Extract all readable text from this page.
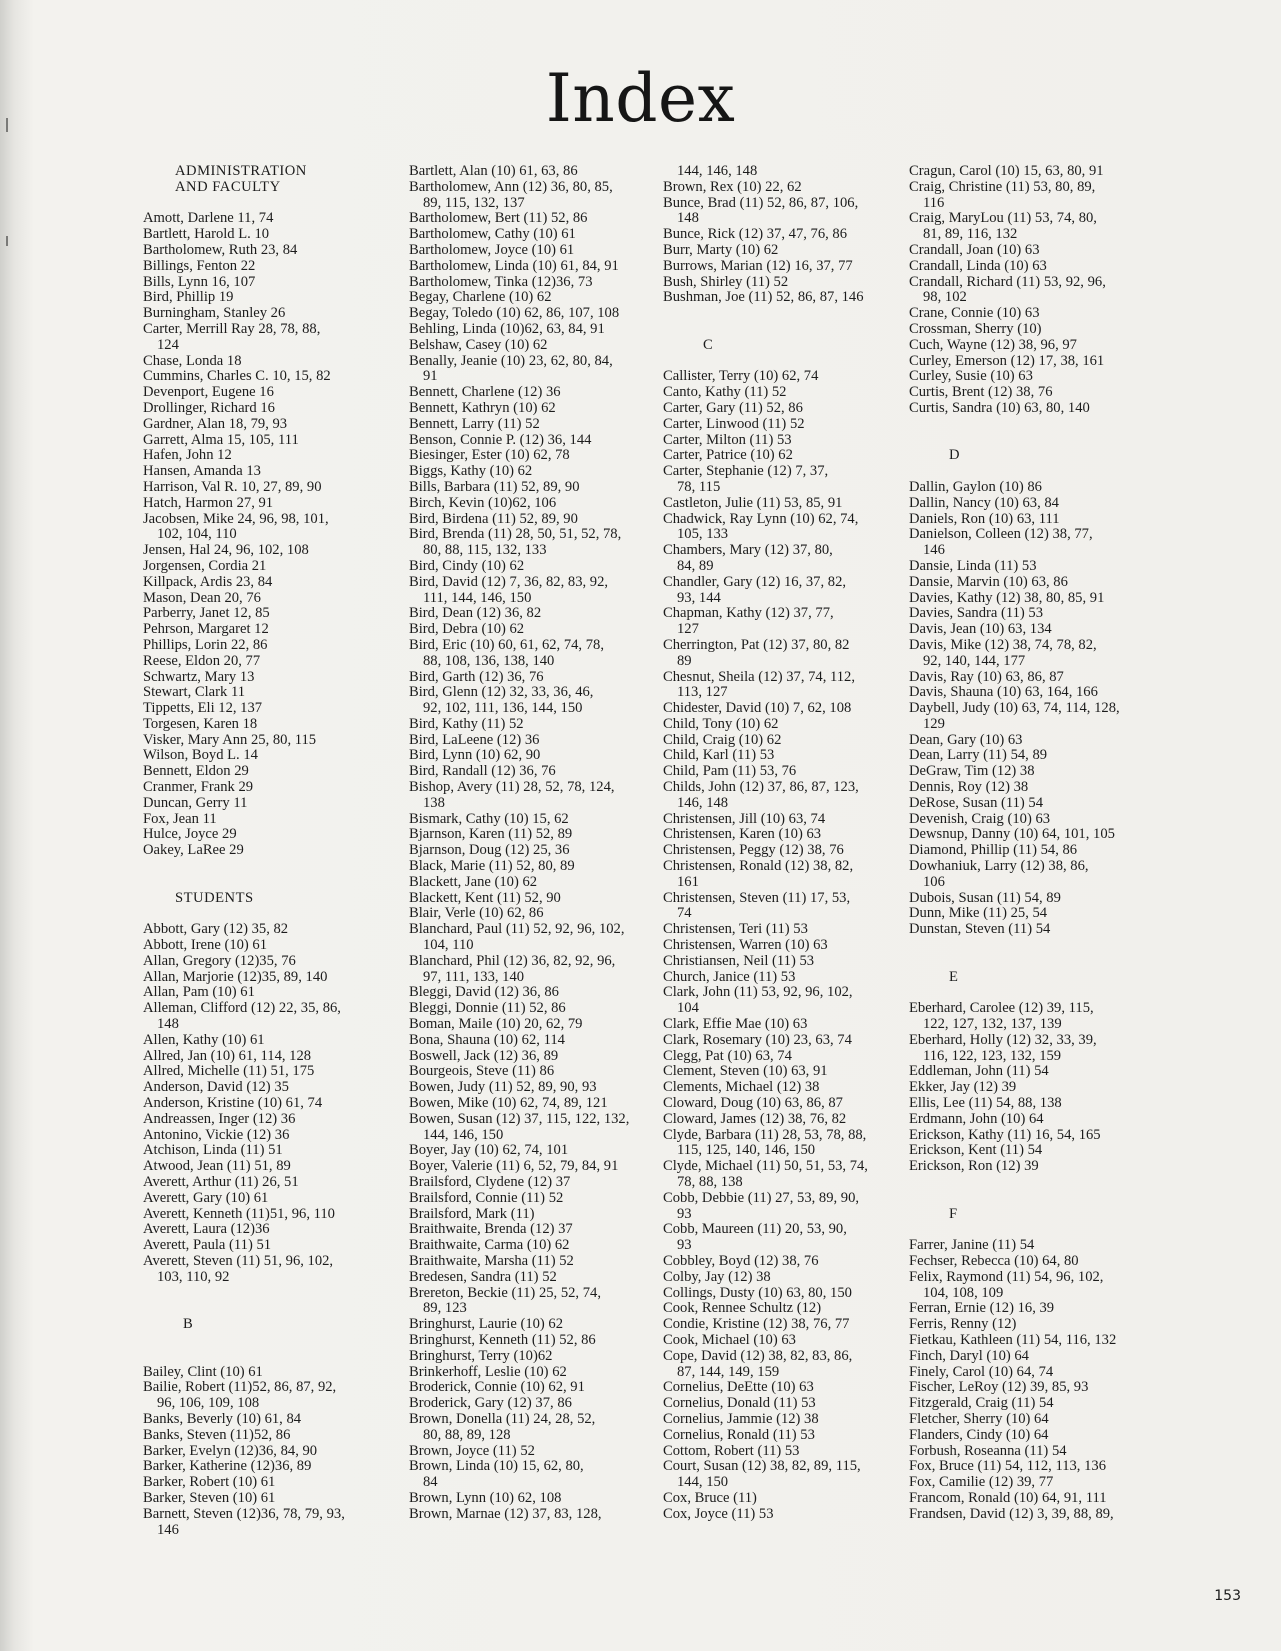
Index
ADMINISTRATION
AND FACULTY
Amott, Darlene 11, 74
Bartlett, Harold L. 10
Bartholomew, Ruth 23, 84
Billings, Fenton 22
Bills, Lynn 16, 107
Bird, Phillip 19
Burningham, Stanley 26
Carter, Merrill Ray 28, 78, 88,
124
Chase, Londa 18
Cummins, Charles C. 10, 15, 82
Devenport, Eugene 16
Drollinger, Richard 16
Gardner, Alan 18, 79, 93
Garrett, Alma 15, 105, 111
Hafen, John 12
Hansen, Amanda 13
Harrison, Val R. 10, 27, 89, 90
Hatch, Harmon 27, 91
Jacobsen, Mike 24, 96, 98, 101,
102, 104, 110
Jensen, Hal 24, 96, 102, 108
Jorgensen, Cordia 21
Killpack, Ardis 23, 84
Mason, Dean 20, 76
Parberry, Janet 12, 85
Pehrson, Margaret 12
Phillips, Lorin 22, 86
Reese, Eldon 20, 77
Schwartz, Mary 13
Stewart, Clark 11
Tippetts, Eli 12, 137
Torgesen, Karen 18
Visker, Mary Ann 25, 80, 115
Wilson, Boyd L. 14
Bennett, Eldon 29
Cranmer, Frank 29
Duncan, Gerry 11
Fox, Jean 11
Hulce, Joyce 29
Oakey, LaRee 29
STUDENTS
Abbott, Gary (12) 35, 82
Abbott, Irene (10) 61
Allan, Gregory (12)35, 76
Allan, Marjorie (12)35, 89, 140
Allan, Pam (10) 61
Alleman, Clifford (12) 22, 35, 86,
148
Allen, Kathy (10) 61
Allred, Jan (10) 61, 114, 128
Allred, Michelle (11) 51, 175
Anderson, David (12) 35
Anderson, Kristine (10) 61, 74
Andreassen, Inger (12) 36
Antonino, Vickie (12) 36
Atchison, Linda (11) 51
Atwood, Jean (11) 51, 89
Averett, Arthur (11) 26, 51
Averett, Gary (10) 61
Averett, Kenneth (11)51, 96, 110
Averett, Laura (12)36
Averett, Paula (11) 51
Averett, Steven (11) 51, 96, 102,
103, 110, 92
B
Bailey, Clint (10) 61
Bailie, Robert (11)52, 86, 87, 92,
96, 106, 109, 108
Banks, Beverly (10) 61, 84
Banks, Steven (11)52, 86
Barker, Evelyn (12)36, 84, 90
Barker, Katherine (12)36, 89
Barker, Robert (10) 61
Barker, Steven (10) 61
Barnett, Steven (12)36, 78, 79, 93,
146
Bartlett, Alan (10) 61, 63, 86
Bartholomew, Ann (12) 36, 80, 85,
89, 115, 132, 137
Bartholomew, Bert (11) 52, 86
Bartholomew, Cathy (10) 61
Bartholomew, Joyce (10) 61
Bartholomew, Linda (10) 61, 84, 91
Bartholomew, Tinka (12)36, 73
Begay, Charlene (10) 62
Begay, Toledo (10) 62, 86, 107, 108
Behling, Linda (10)62, 63, 84, 91
Belshaw, Casey (10) 62
Benally, Jeanie (10) 23, 62, 80, 84,
91
Bennett, Charlene (12) 36
Bennett, Kathryn (10) 62
Bennett, Larry (11) 52
Benson, Connie P. (12) 36, 144
Biesinger, Ester (10) 62, 78
Biggs, Kathy (10) 62
Bills, Barbara (11) 52, 89, 90
Birch, Kevin (10)62, 106
Bird, Birdena (11) 52, 89, 90
Bird, Brenda (11) 28, 50, 51, 52, 78,
80, 88, 115, 132, 133
Bird, Cindy (10) 62
Bird, David (12) 7, 36, 82, 83, 92,
111, 144, 146, 150
Bird, Dean (12) 36, 82
Bird, Debra (10) 62
Bird, Eric (10) 60, 61, 62, 74, 78,
88, 108, 136, 138, 140
Bird, Garth (12) 36, 76
Bird, Glenn (12) 32, 33, 36, 46,
92, 102, 111, 136, 144, 150
Bird, Kathy (11) 52
Bird, LaLeene (12) 36
Bird, Lynn (10) 62, 90
Bird, Randall (12) 36, 76
Bishop, Avery (11) 28, 52, 78, 124,
138
Bismark, Cathy (10) 15, 62
Bjarnson, Karen (11) 52, 89
Bjarnson, Doug (12) 25, 36
Black, Marie (11) 52, 80, 89
Blackett, Jane (10) 62
Blackett, Kent (11) 52, 90
Blair, Verle (10) 62, 86
Blanchard, Paul (11) 52, 92, 96, 102,
104, 110
Blanchard, Phil (12) 36, 82, 92, 96,
97, 111, 133, 140
Bleggi, David (12) 36, 86
Bleggi, Donnie (11) 52, 86
Boman, Maile (10) 20, 62, 79
Bona, Shauna (10) 62, 114
Boswell, Jack (12) 36, 89
Bourgeois, Steve (11) 86
Bowen, Judy (11) 52, 89, 90, 93
Bowen, Mike (10) 62, 74, 89, 121
Bowen, Susan (12) 37, 115, 122, 132,
144, 146, 150
Boyer, Jay (10) 62, 74, 101
Boyer, Valerie (11) 6, 52, 79, 84, 91
Brailsford, Clydene (12) 37
Brailsford, Connie (11) 52
Brailsford, Mark (11)
Braithwaite, Brenda (12) 37
Braithwaite, Carma (10) 62
Braithwaite, Marsha (11) 52
Bredesen, Sandra (11) 52
Brereton, Beckie (11) 25, 52, 74,
89, 123
Bringhurst, Laurie (10) 62
Bringhurst, Kenneth (11) 52, 86
Bringhurst, Terry (10)62
Brinkerhoff, Leslie (10) 62
Broderick, Connie (10) 62, 91
Broderick, Gary (12) 37, 86
Brown, Donella (11) 24, 28, 52,
80, 88, 89, 128
Brown, Joyce (11) 52
Brown, Linda (10) 15, 62, 80,
84
Brown, Lynn (10) 62, 108
Brown, Marnae (12) 37, 83, 128,
144, 146, 148
Brown, Rex (10) 22, 62
Bunce, Brad (11) 52, 86, 87, 106,
148
Bunce, Rick (12) 37, 47, 76, 86
Burr, Marty (10) 62
Burrows, Marian (12) 16, 37, 77
Bush, Shirley (11) 52
Bushman, Joe (11) 52, 86, 87, 146
C
Callister, Terry (10) 62, 74
Canto, Kathy (11) 52
Carter, Gary (11) 52, 86
Carter, Linwood (11) 52
Carter, Milton (11) 53
Carter, Patrice (10) 62
Carter, Stephanie (12) 7, 37,
78, 115
Castleton, Julie (11) 53, 85, 91
Chadwick, Ray Lynn (10) 62, 74,
105, 133
Chambers, Mary (12) 37, 80,
84, 89
Chandler, Gary (12) 16, 37, 82,
93, 144
Chapman, Kathy (12) 37, 77,
127
Cherrington, Pat (12) 37, 80, 82
89
Chesnut, Sheila (12) 37, 74, 112,
113, 127
Chidester, David (10) 7, 62, 108
Child, Tony (10) 62
Child, Craig (10) 62
Child, Karl (11) 53
Child, Pam (11) 53, 76
Childs, John (12) 37, 86, 87, 123,
146, 148
Christensen, Jill (10) 63, 74
Christensen, Karen (10) 63
Christensen, Peggy (12) 38, 76
Christensen, Ronald (12) 38, 82,
161
Christensen, Steven (11) 17, 53,
74
Christensen, Teri (11) 53
Christensen, Warren (10) 63
Christiansen, Neil (11) 53
Church, Janice (11) 53
Clark, John (11) 53, 92, 96, 102,
104
Clark, Effie Mae (10) 63
Clark, Rosemary (10) 23, 63, 74
Clegg, Pat (10) 63, 74
Clement, Steven (10) 63, 91
Clements, Michael (12) 38
Cloward, Doug (10) 63, 86, 87
Cloward, James (12) 38, 76, 82
Clyde, Barbara (11) 28, 53, 78, 88,
115, 125, 140, 146, 150
Clyde, Michael (11) 50, 51, 53, 74,
78, 88, 138
Cobb, Debbie (11) 27, 53, 89, 90,
93
Cobb, Maureen (11) 20, 53, 90,
93
Cobbley, Boyd (12) 38, 76
Colby, Jay (12) 38
Collings, Dusty (10) 63, 80, 150
Cook, Rennee Schultz (12)
Condie, Kristine (12) 38, 76, 77
Cook, Michael (10) 63
Cope, David (12) 38, 82, 83, 86,
87, 144, 149, 159
Cornelius, DeEtte (10) 63
Cornelius, Donald (11) 53
Cornelius, Jammie (12) 38
Cornelius, Ronald (11) 53
Cottom, Robert (11) 53
Court, Susan (12) 38, 82, 89, 115,
144, 150
Cox, Bruce (11)
Cox, Joyce (11) 53
Cragun, Carol (10) 15, 63, 80, 91
Craig, Christine (11) 53, 80, 89,
116
Craig, MaryLou (11) 53, 74, 80,
81, 89, 116, 132
Crandall, Joan (10) 63
Crandall, Linda (10) 63
Crandall, Richard (11) 53, 92, 96,
98, 102
Crane, Connie (10) 63
Crossman, Sherry (10)
Cuch, Wayne (12) 38, 96, 97
Curley, Emerson (12) 17, 38, 161
Curley, Susie (10) 63
Curtis, Brent (12) 38, 76
Curtis, Sandra (10) 63, 80, 140
D
Dallin, Gaylon (10) 86
Dallin, Nancy (10) 63, 84
Daniels, Ron (10) 63, 111
Danielson, Colleen (12) 38, 77,
146
Dansie, Linda (11) 53
Dansie, Marvin (10) 63, 86
Davies, Kathy (12) 38, 80, 85, 91
Davies, Sandra (11) 53
Davis, Jean (10) 63, 134
Davis, Mike (12) 38, 74, 78, 82,
92, 140, 144, 177
Davis, Ray (10) 63, 86, 87
Davis, Shauna (10) 63, 164, 166
Daybell, Judy (10) 63, 74, 114, 128,
129
Dean, Gary (10) 63
Dean, Larry (11) 54, 89
DeGraw, Tim (12) 38
Dennis, Roy (12) 38
DeRose, Susan (11) 54
Devenish, Craig (10) 63
Dewsnup, Danny (10) 64, 101, 105
Diamond, Phillip (11) 54, 86
Dowhaniuk, Larry (12) 38, 86,
106
Dubois, Susan (11) 54, 89
Dunn, Mike (11) 25, 54
Dunstan, Steven (11) 54
E
Eberhard, Carolee (12) 39, 115,
122, 127, 132, 137, 139
Eberhard, Holly (12) 32, 33, 39,
116, 122, 123, 132, 159
Eddleman, John (11) 54
Ekker, Jay (12) 39
Ellis, Lee (11) 54, 88, 138
Erdmann, John (10) 64
Erickson, Kathy (11) 16, 54, 165
Erickson, Kent (11) 54
Erickson, Ron (12) 39
F
Farrer, Janine (11) 54
Fechser, Rebecca (10) 64, 80
Felix, Raymond (11) 54, 96, 102,
104, 108, 109
Ferran, Ernie (12) 16, 39
Ferris, Renny (12)
Fietkau, Kathleen (11) 54, 116, 132
Finch, Daryl (10) 64
Finely, Carol (10) 64, 74
Fischer, LeRoy (12) 39, 85, 93
Fitzgerald, Craig (11) 54
Fletcher, Sherry (10) 64
Flanders, Cindy (10) 64
Forbush, Roseanna (11) 54
Fox, Bruce (11) 54, 112, 113, 136
Fox, Camilie (12) 39, 77
Francom, Ronald (10) 64, 91, 111
Frandsen, David (12) 3, 39, 88, 89,
153
